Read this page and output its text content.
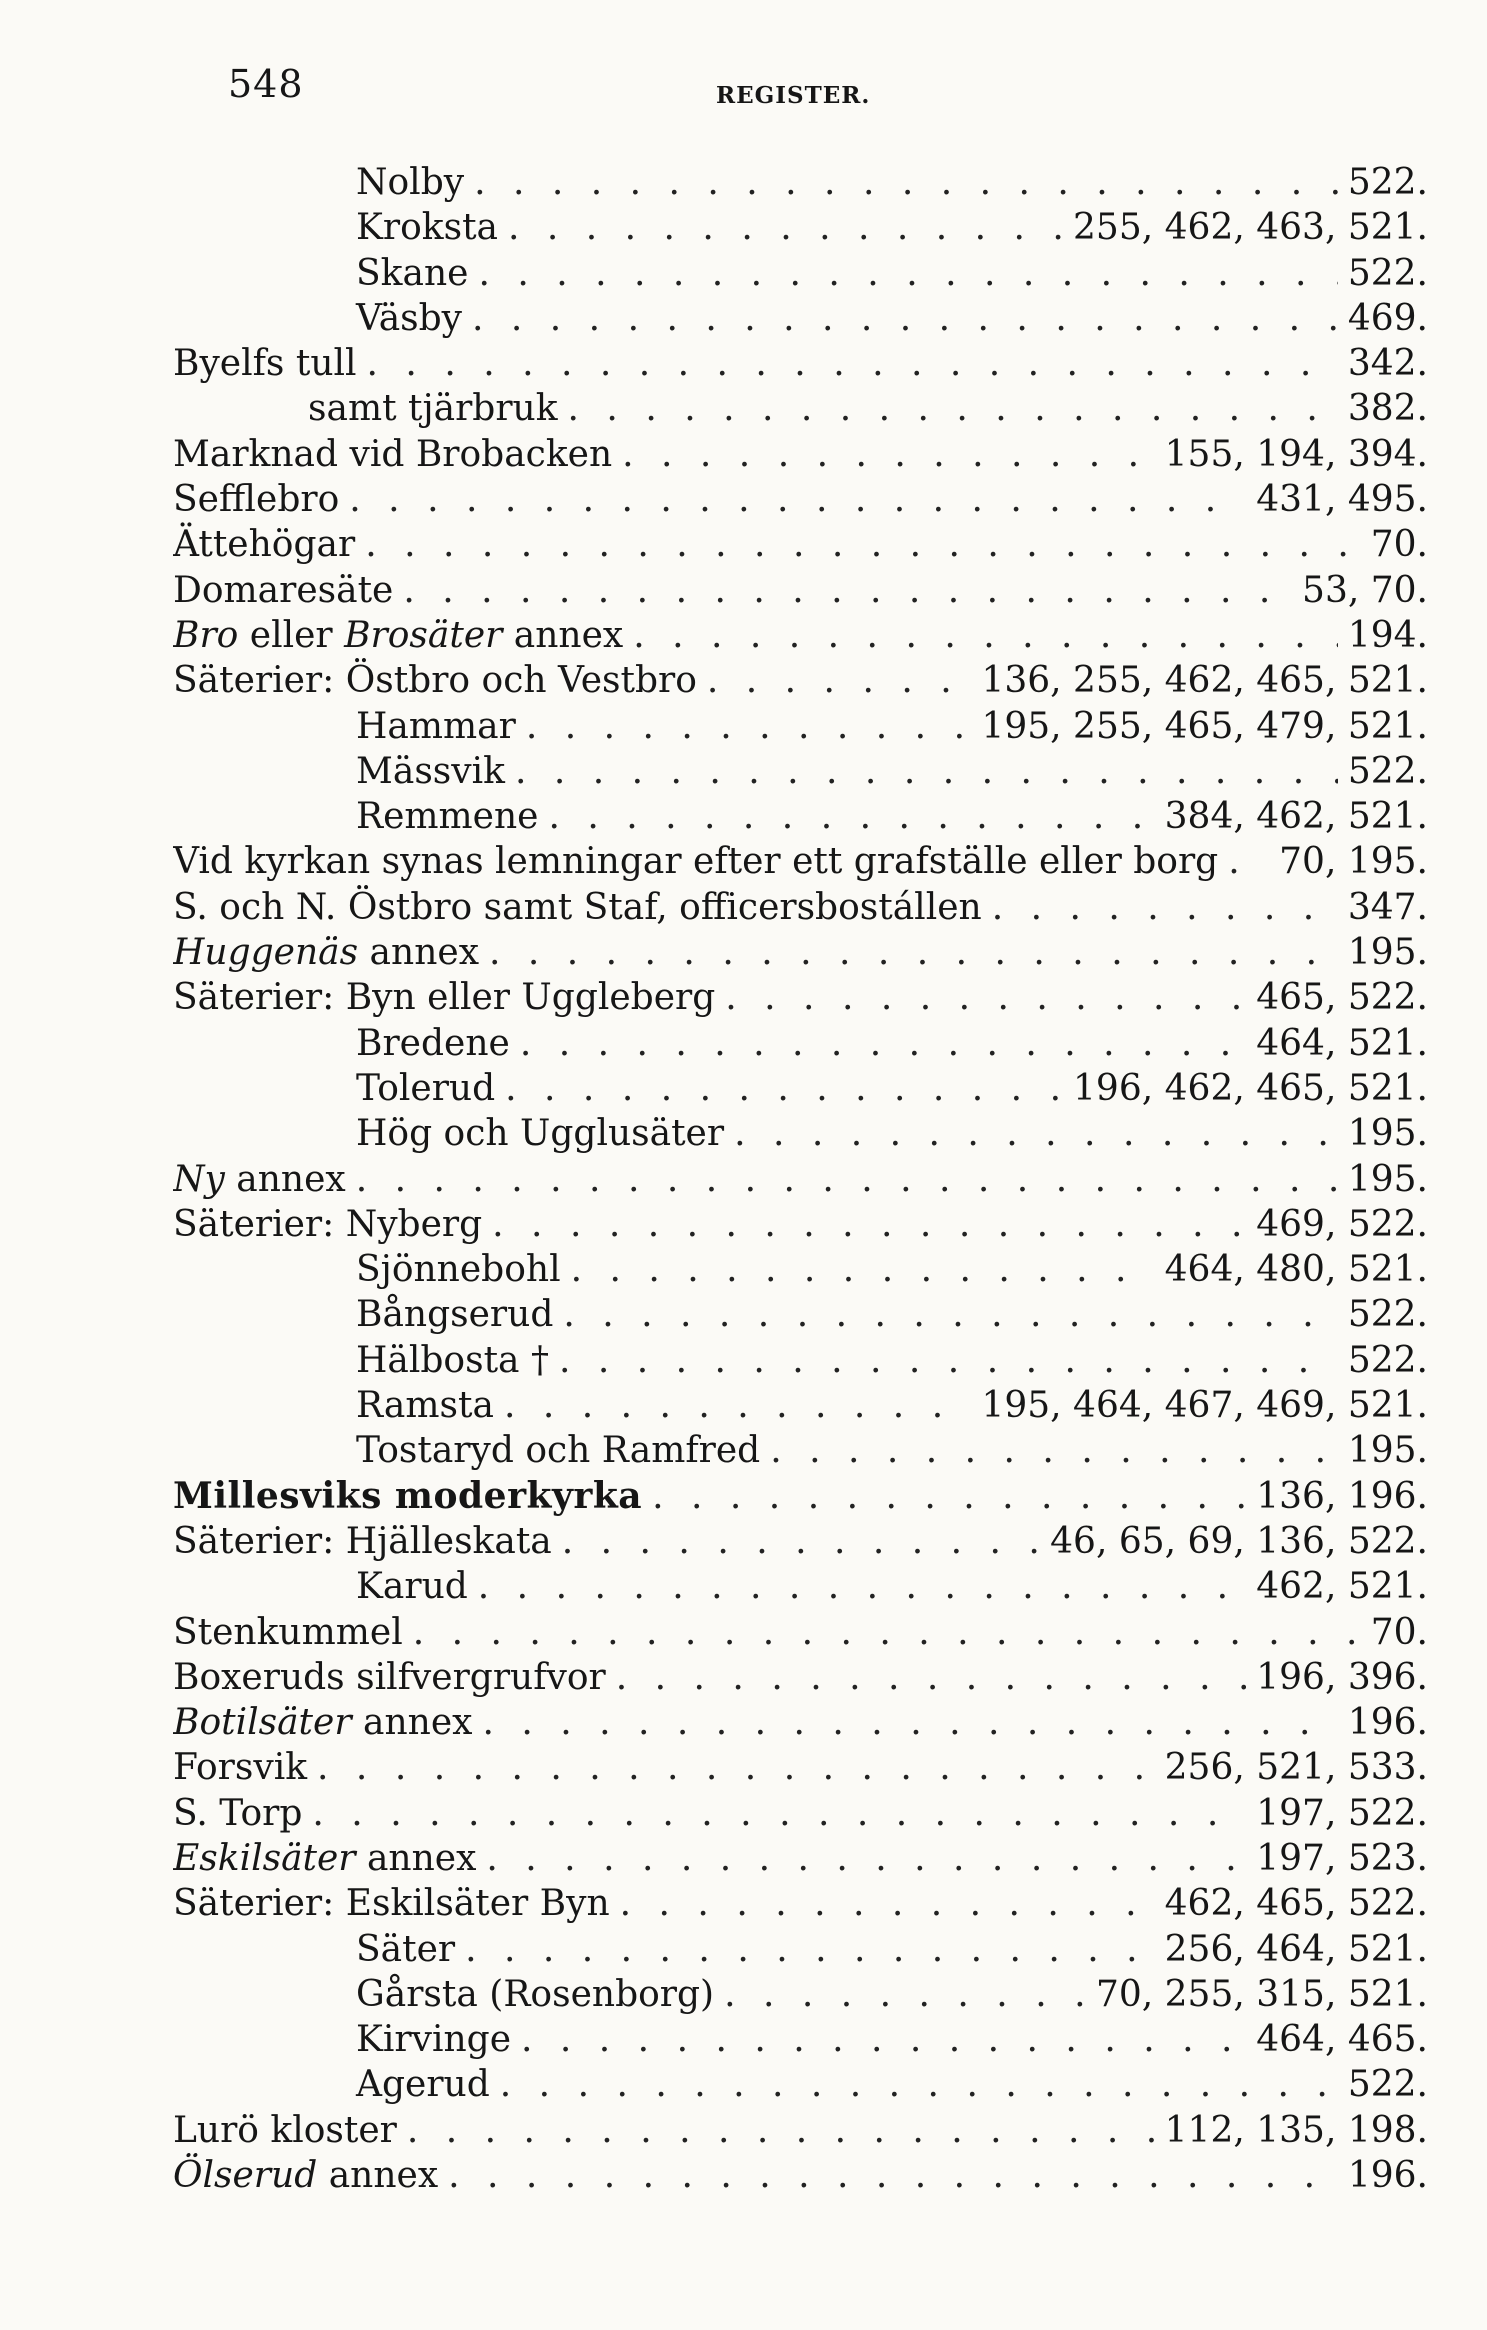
548	REGISTER.
Nolby . . .	522.
Kroksta . . .	255, 462, 463, 521.
Skane . . .	522.
Väsby . . .	469.
Byelfs tull . . .	342.
samt tjärbruk . . .	382.
Marknad vid Brobacken . . .	155, 194, 394.
Sefflebro . . .	431, 495.
Ättehögar . . .	70.
Domaresäte . . .	53, 70.
Bro eller Brosäter annex . . .	194.
Säterier: Östbro och Vestbro . . .	136, 255, 462, 465, 521.
Hammar . . .	195, 255, 465, 479, 521.
Mässvik . . .	522.
Remmene . . .	384, 462, 521.
Vid kyrkan synas lemningar efter ett grafställe eller borg . . . 70, 195.
S. och N. Östbro samt Staf, officersbostállen . . .	347.
Huggenäs annex . . .	195.
Säterier: Byn eller Uggleberg . . .	465, 522.
Bredene . . .	464, 521.
Tolerud . . .	196, 462, 465, 521.
Hög och Ugglusäter . . .	195.
Ny annex . . .	195.
Säterier: Nyberg . . .	469, 522.
Sjönnebohl . . .	464, 480, 521.
Bångserud . . .	522.
Hälbosta † . . .	522.
Ramsta . . .	195, 464, 467, 469, 521.
Tostaryd och Ramfred . . .	195.
Millesviks moderkyrka . . .	136, 196.
Säterier: Hjälleskata . . .	46, 65, 69, 136, 522.
Karud . . .	462, 521.
Stenkummel . . .	70.
Boxeruds silfvergrufvor . . .	196, 396.
Botilsäter annex . . .	196.
Forsvik . . .	256, 521, 533.
S. Torp . . .	197, 522.
Eskilsäter annex . . .	197, 523.
Säterier: Eskilsäter Byn . . .	462, 465, 522.
Säter . . .	256, 464, 521.
Gårsta (Rosenborg) . . .	70, 255, 315, 521.
Kirvinge . . .	464, 465.
Agerud . . .	522.
Lurö kloster . . .	112, 135, 198.
Ölserud annex . . .	196.
